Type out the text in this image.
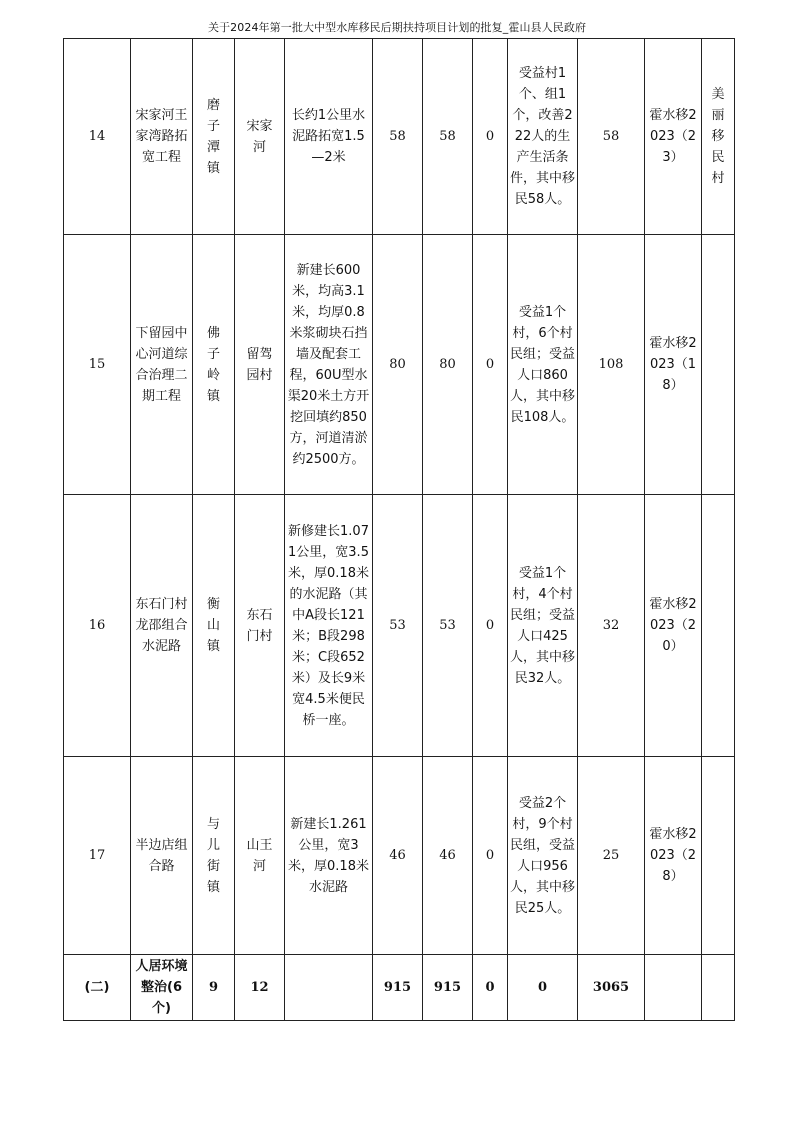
关于2024年第一批大中型水库移民后期扶持项目计划的批复_霍山县人民政府
14	宋家河王家湾路拓宽工程	磨子潭镇	宋家河	长约1公里水泥路拓宽1.5—2米	58	58	0	受益村1个、组1个，改善222人的生产生活条件，其中移民58人。	58	霍水移2023（23）	美丽移民村

15	下留园中心河道综合治理二期工程	佛子岭镇	留驾园村	新建长600米，均高3.1米，均厚0.8米浆砌块石挡墙及配套工程，60U型水渠20米土方开挖回填约850方，河道清淤约2500方。	80	80	0	受益1个村，6个村民组；受益人口860人，其中移民108人。	108	霍水移2023（18）	

16	东石门村龙邵组合水泥路	衡山镇	东石门村	新修建长1.071公里，宽3.5米，厚0.18米的水泥路（其中A段长121米；B段298米；C段652米）及长9米宽4.5米便民桥一座。	53	53	0	受益1个村，4个村民组；受益人口425人，其中移民32人。	32	霍水移2023（20）	

17	半边店组合路	与儿街镇	山王河	新建长1.261公里，宽3米，厚0.18米水泥路	46	46	0	受益2个村，9个村民组，受益人口956人，其中移民25人。	25	霍水移2023（28）	

(二)	人居环境整治(6个)	9	12		915	915	0	0	3065		
